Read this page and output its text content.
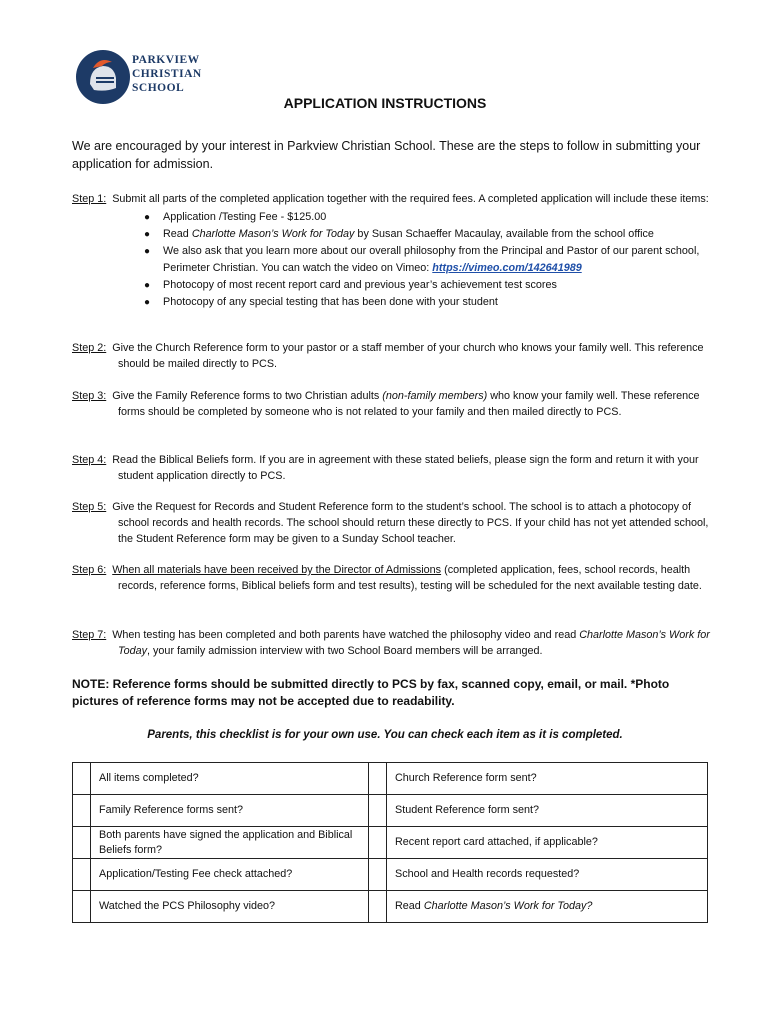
PARKVIEW
CHRISTIAN
SCHOOL
APPLICATION INSTRUCTIONS

We are encouraged by your interest in Parkview Christian School. These are the steps to follow in submitting your application for admission.

Step 1: Submit all parts of the completed application together with the required fees. A completed application will include these items:

● Application /Testing Fee - $125.00
● Read Charlotte Mason’s Work for Today by Susan Schaeffer Macaulay, available from the school office
● We also ask that you learn more about our overall philosophy from the Principal and Pastor of our parent school, Perimeter Christian. You can watch the video on Vimeo: https://vimeo.com/142641989
● Photocopy of most recent report card and previous year’s achievement test scores
● Photocopy of any special testing that has been done with your student

Step 2: Give the Church Reference form to your pastor or a staff member of your church who knows your family well. This reference should be mailed directly to PCS.

Step 3: Give the Family Reference forms to two Christian adults (non-family members) who know your family well. These reference forms should be completed by someone who is not related to your family and then mailed directly to PCS.

Step 4: Read the Biblical Beliefs form. If you are in agreement with these stated beliefs, please sign the form and return it with your student application directly to PCS.

Step 5: Give the Request for Records and Student Reference form to the student’s school. The school is to attach a photocopy of school records and health records. The school should return these directly to PCS. If your child has not yet attended school, the Student Reference form may be given to a Sunday School teacher.

Step 6: When all materials have been received by the Director of Admissions (completed application, fees, school records, health records, reference forms, Biblical beliefs form and test results), testing will be scheduled for the next available testing date.

Step 7: When testing has been completed and both parents have watched the philosophy video and read Charlotte Mason’s Work for Today, your family admission interview with two School Board members will be arranged.

NOTE: Reference forms should be submitted directly to PCS by fax, scanned copy, email, or mail. *Photo pictures of reference forms may not be accepted due to readability.

Parents, this checklist is for your own use. You can check each item as it is completed.

	All items completed?		Church Reference form sent?
	Family Reference forms sent?		Student Reference form sent?
	Both parents have signed the application and Biblical Beliefs form?		Recent report card attached, if applicable?
	Application/Testing Fee check attached?		School and Health records requested?
	Watched the PCS Philosophy video?		Read Charlotte Mason’s Work for Today?
